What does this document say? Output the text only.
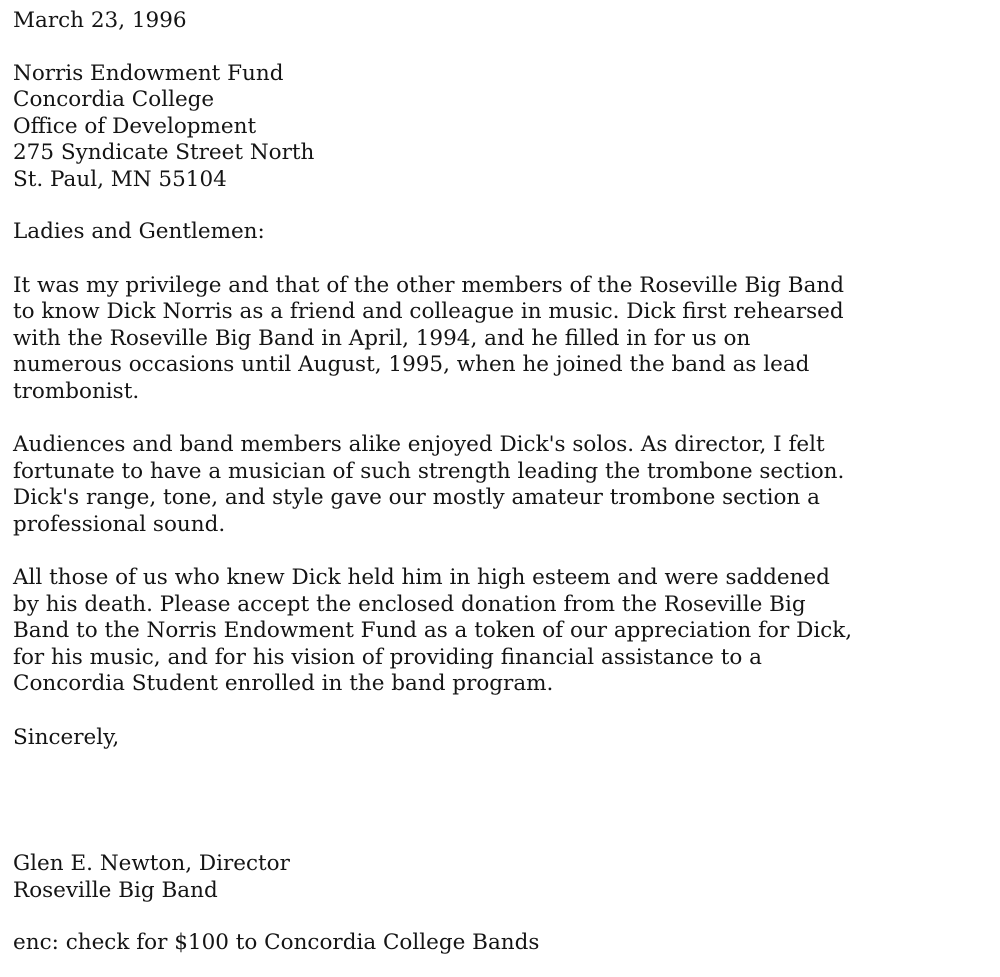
March 23, 1996
Norris Endowment Fund
Concordia College
Office of Development
275 Syndicate Street North
St. Paul, MN 55104
Ladies and Gentlemen:
It was my privilege and that of the other members of the Roseville Big Band
to know Dick Norris as a friend and colleague in music. Dick first rehearsed
with the Roseville Big Band in April, 1994, and he filled in for us on
numerous occasions until August, 1995, when he joined the band as lead
trombonist.
Audiences and band members alike enjoyed Dick's solos. As director, I felt
fortunate to have a musician of such strength leading the trombone section.
Dick's range, tone, and style gave our mostly amateur trombone section a
professional sound.
All those of us who knew Dick held him in high esteem and were saddened
by his death. Please accept the enclosed donation from the Roseville Big
Band to the Norris Endowment Fund as a token of our appreciation for Dick,
for his music, and for his vision of providing financial assistance to a
Concordia Student enrolled in the band program.
Sincerely,
Glen E. Newton, Director
Roseville Big Band
enc: check for $100 to Concordia College Bands
